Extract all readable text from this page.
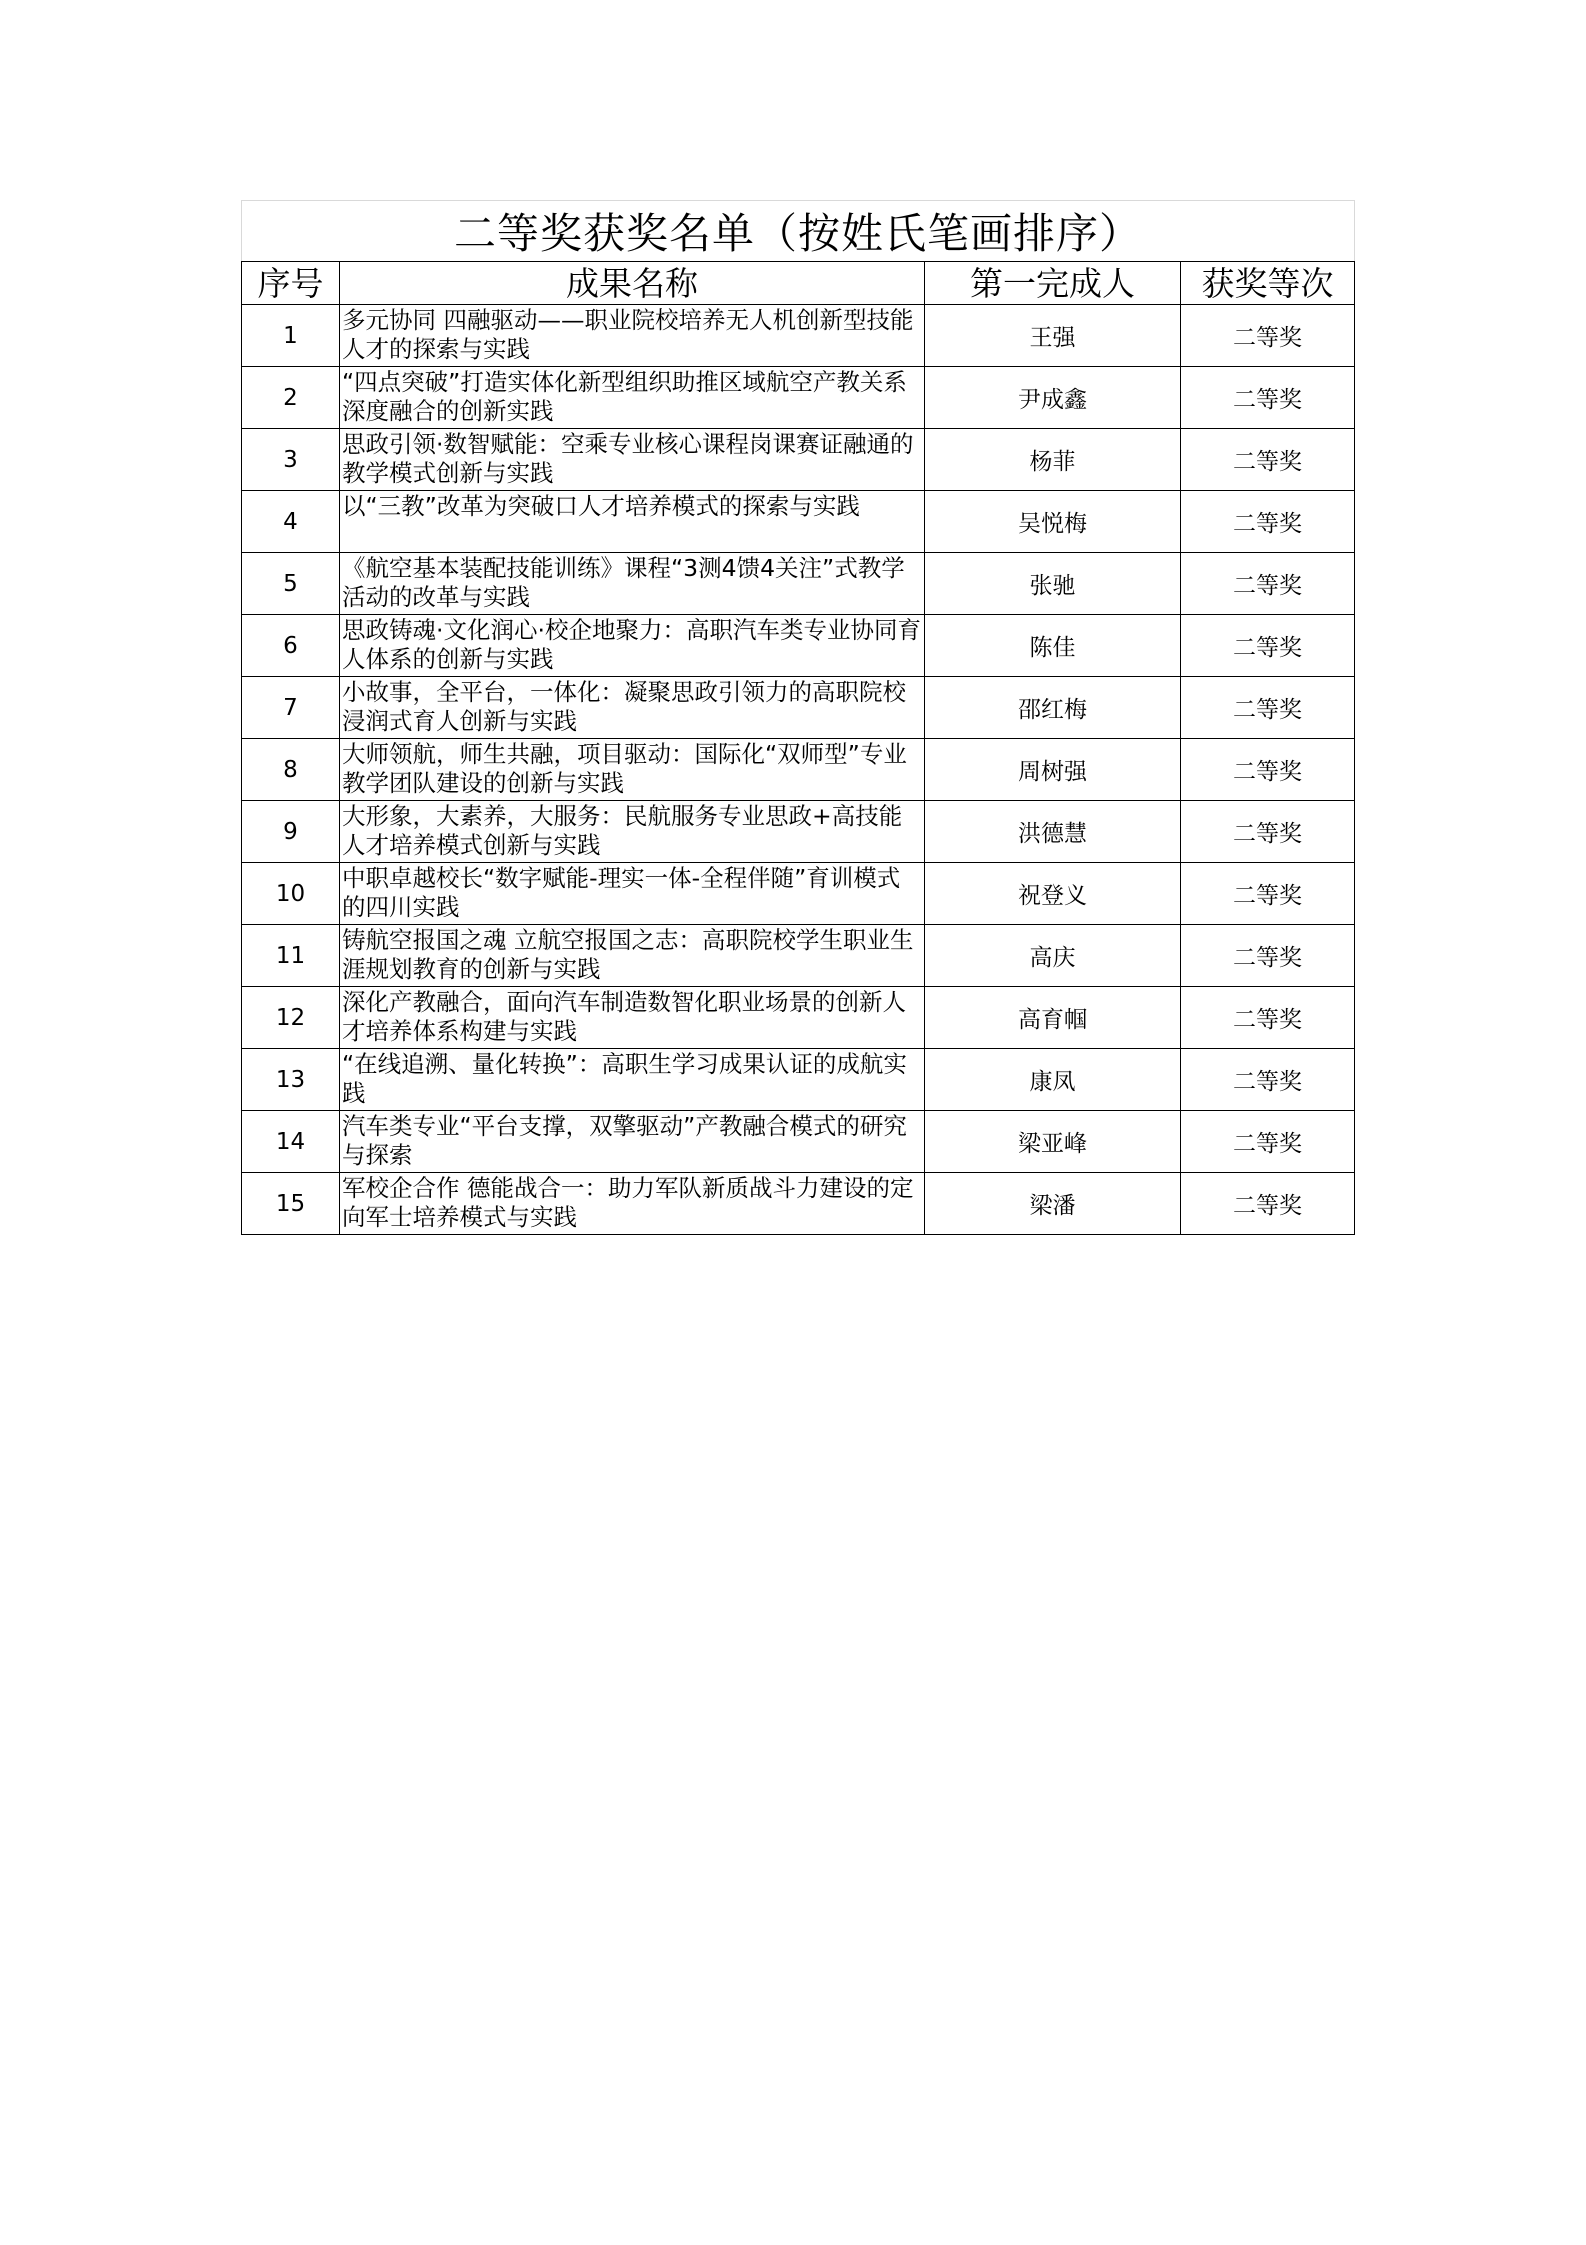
二等奖获奖名单（按姓氏笔画排序）			
序号	成果名称	第一完成人	获奖等次
1	多元协同 四融驱动——职业院校培养无人机创新型技能人才的探索与实践	王强	二等奖
2	“四点突破”打造实体化新型组织助推区域航空产教关系深度融合的创新实践	尹成鑫	二等奖
3	思政引领·数智赋能：空乘专业核心课程岗课赛证融通的教学模式创新与实践	杨菲	二等奖
4	以“三教”改革为突破口人才培养模式的探索与实践	吴悦梅	二等奖
5	《航空基本装配技能训练》课程“3测4馈4关注”式教学活动的改革与实践	张驰	二等奖
6	思政铸魂·文化润心·校企地聚力：高职汽车类专业协同育人体系的创新与实践	陈佳	二等奖
7	小故事，全平台，一体化：凝聚思政引领力的高职院校浸润式育人创新与实践	邵红梅	二等奖
8	大师领航，师生共融，项目驱动：国际化“双师型”专业教学团队建设的创新与实践	周树强	二等奖
9	大形象，大素养，大服务：民航服务专业思政+高技能人才培养模式创新与实践	洪德慧	二等奖
10	中职卓越校长“数字赋能-理实一体-全程伴随”育训模式的四川实践	祝登义	二等奖
11	铸航空报国之魂 立航空报国之志：高职院校学生职业生涯规划教育的创新与实践	高庆	二等奖
12	深化产教融合，面向汽车制造数智化职业场景的创新人才培养体系构建与实践	高育帼	二等奖
13	“在线追溯、量化转换”：高职生学习成果认证的成航实践	康凤	二等奖
14	汽车类专业“平台支撑，双擎驱动”产教融合模式的研究与探索	梁亚峰	二等奖
15	军校企合作 德能战合一：助力军队新质战斗力建设的定向军士培养模式与实践	梁潘	二等奖
